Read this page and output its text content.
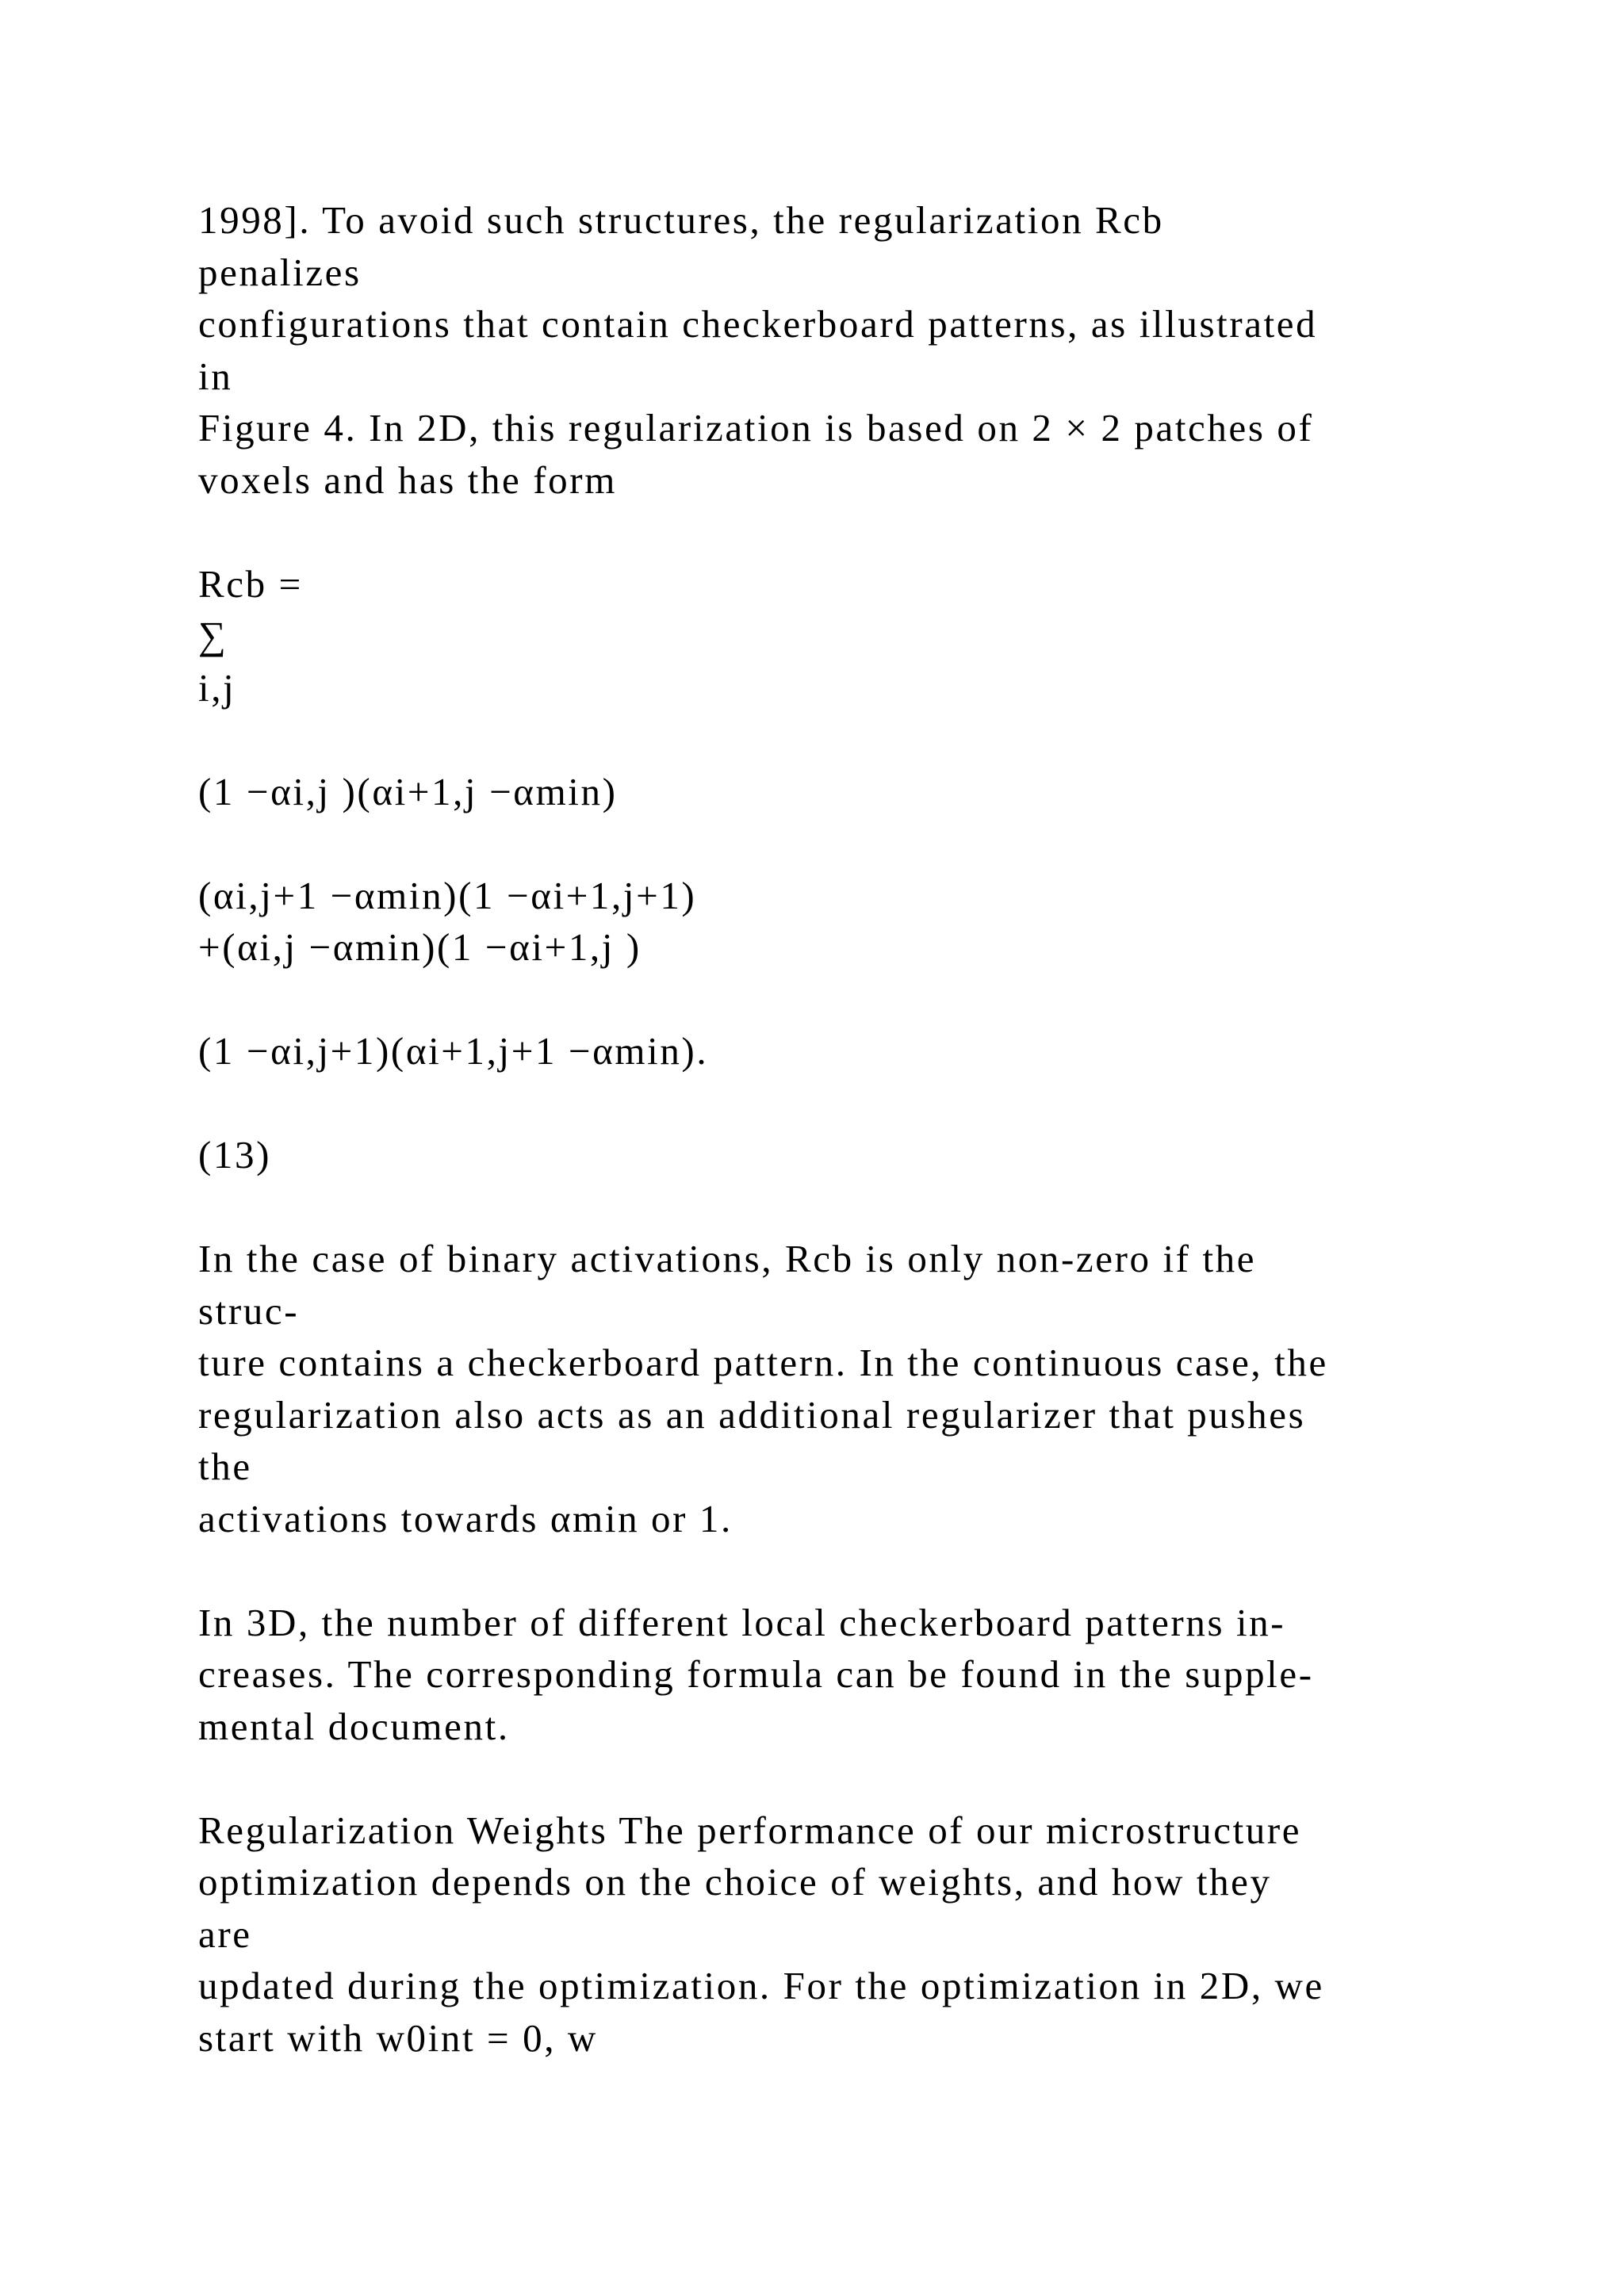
1998]. To avoid such structures, the regularization Rcb
penalizes
configurations that contain checkerboard patterns, as illustrated
in
Figure 4. In 2D, this regularization is based on 2 × 2 patches of
voxels and has the form
Rcb =
∑
i,j
(1 −αi,j )(αi+1,j −αmin)
(αi,j+1 −αmin)(1 −αi+1,j+1)
+(αi,j −αmin)(1 −αi+1,j )
(1 −αi,j+1)(αi+1,j+1 −αmin).
(13)
In the case of binary activations, Rcb is only non-zero if the
struc-
ture contains a checkerboard pattern. In the continuous case, the
regularization also acts as an additional regularizer that pushes
the
activations towards αmin or 1.
In 3D, the number of different local checkerboard patterns in-
creases. The corresponding formula can be found in the supple-
mental document.
Regularization Weights The performance of our microstructure
optimization depends on the choice of weights, and how they
are
updated during the optimization. For the optimization in 2D, we
start with w0int = 0, w
